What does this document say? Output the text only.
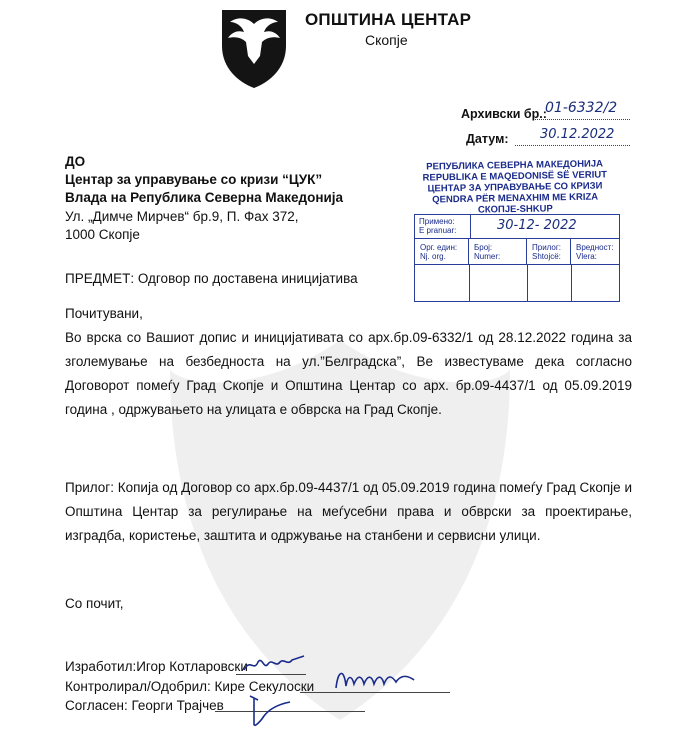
ОПШТИНА ЦЕНТАР
Скопје
Архивски бр.:
01-6332/2
Датум: 30.12.2022
РЕПУБЛИКА СЕВЕРНА МАКЕДОНИЈА
REPUBLIKA E MAQEDONISË SË VERIUT
ЦЕНТАР ЗА УПРАВУВАЊЕ СО КРИЗИ
QENDRA PËR MENAXHIM ME KRIZA
СКОПЈЕ-SHKUP
Примено:
E pranuar:	30-12- 2022
Орг. един:
Nj. org.
Број:
Numer:
Прилог:
Shtojcë:
Вредност:
Vlera:
ДО
Центар за управување со кризи “ЦУК”
Влада на Република Северна Македонија
Ул. „Димче Мирчев“ бр.9, П. Фах 372,
1000 Скопје
ПРЕДМЕТ: Одговор по доставена иницијатива
Почитувани,
Во врска со Вашиот допис и иницијативата со арх.бр.09-6332/1 од 28.12.2022 година за зголемување на безбедноста на ул.”Белградска”, Ве известуваме дека согласно Договорот помеѓу Град Скопје и Општина Центар со арх. бр.09-4437/1 од 05.09.2019 година , одржувањето на улицата е обврска на Град Скопје.
Прилог: Копија од Договор со арх.бр.09-4437/1 од 05.09.2019 година помеѓу Град Скопје и Општина Центар за регулирање на меѓусебни права и обврски за проектирање, изградба, користење, заштита и одржување на станбени и сервисни улици.
Со почит,
Изработил:Игор Котларовски
Контролирал/Одобрил: Кире Секулоски
Согласен: Георги Трајчев
